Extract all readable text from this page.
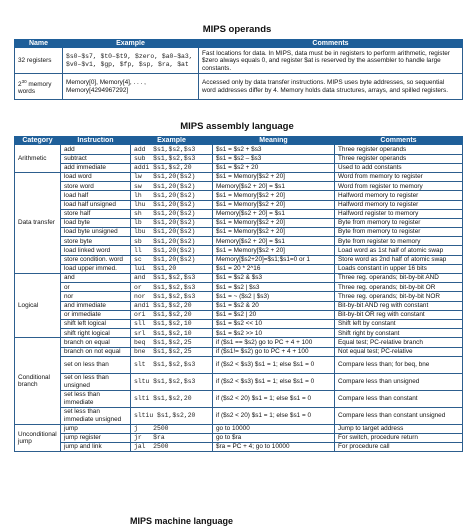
MIPS operands
Name	Example	Comments
32 registers	$s0–$s7, $t0–$t9, $zero, $a0–$a3, $v0–$v1, $gp, $fp, $sp, $ra, $at	Fast locations for data. In MIPS, data must be in registers to perform arithmetic, register $zero always equals 0, and register $at is reserved by the assembler to handle large constants.
$2^{30}$ memory words	Memory[0], Memory[4], . . . , Memory[4294967292]	Accessed only by data transfer instructions. MIPS uses byte addresses, so sequential word addresses differ by 4. Memory holds data structures, arrays, and spilled registers.
MIPS assembly language
Category	Instruction	Example	Meaning	Comments
Arithmetic	add	add  $s1,$s2,$s3	$s1 = $s2 + $s3	Three register operands
	subtract	sub  $s1,$s2,$s3	$s1 = $s2 – $s3	Three register operands
	add immediate	addi $s1,$s2,20	$s1 = $s2 + 20	Used to add constants
Data transfer	load word	lw   $s1,20($s2)	$s1 = Memory[$s2 + 20]	Word from memory to register
	store word	sw   $s1,20($s2)	Memory[$s2 + 20] = $s1	Word from register to memory
	load half	lh   $s1,20($s2)	$s1 = Memory[$s2 + 20]	Halfword memory to register
	load half unsigned	lhu  $s1,20($s2)	$s1 = Memory[$s2 + 20]	Halfword memory to register
	store half	sh   $s1,20($s2)	Memory[$s2 + 20] = $s1	Halfword register to memory
	load byte	lb   $s1,20($s2)	$s1 = Memory[$s2 + 20]	Byte from memory to register
	load byte unsigned	lbu  $s1,20($s2)	$s1 = Memory[$s2 + 20]	Byte from memory to register
	store byte	sb   $s1,20($s2)	Memory[$s2 + 20] = $s1	Byte from register to memory
	load linked word	ll   $s1,20($s2)	$s1 = Memory[$s2 + 20]	Load word as 1st half of atomic swap
	store condition. word	sc   $s1,20($s2)	Memory[$s2+20]=$s1;$s1=0 or 1	Store word as 2nd half of atomic swap
	load upper immed.	lui  $s1,20	$s1 = 20 * 2^16	Loads constant in upper 16 bits
Logical	and	and  $s1,$s2,$s3	$s1 = $s2 & $s3	Three reg. operands; bit-by-bit AND
	or	or   $s1,$s2,$s3	$s1 = $s2 | $s3	Three reg. operands; bit-by-bit OR
	nor	nor  $s1,$s2,$s3	$s1 = ~ ($s2 | $s3)	Three reg. operands; bit-by-bit NOR
	and immediate	andi $s1,$s2,20	$s1 = $s2 & 20	Bit-by-bit AND reg with constant
	or immediate	ori  $s1,$s2,20	$s1 = $s2 | 20	Bit-by-bit OR reg with constant
	shift left logical	sll  $s1,$s2,10	$s1 = $s2 << 10	Shift left by constant
	shift right logical	srl  $s1,$s2,10	$s1 = $s2 >> 10	Shift right by constant
Conditional branch	branch on equal	beq  $s1,$s2,25	if ($s1 == $s2) go to PC + 4 + 100	Equal test; PC-relative branch
	branch on not equal	bne  $s1,$s2,25	if ($s1!= $s2) go to PC + 4 + 100	Not equal test; PC-relative
	set on less than	slt  $s1,$s2,$s3	if ($s2 < $s3) $s1 = 1; else $s1 = 0	Compare less than; for beq, bne
	set on less than unsigned	sltu $s1,$s2,$s3	if ($s2 < $s3) $s1 = 1; else $s1 = 0	Compare less than unsigned
	set less than immediate	slti $s1,$s2,20	if ($s2 < 20) $s1 = 1; else $s1 = 0	Compare less than constant
	set less than immediate unsigned	sltiu $s1,$s2,20	if ($s2 < 20) $s1 = 1; else $s1 = 0	Compare less than constant unsigned
Unconditional jump	jump	j    2500	go to 10000	Jump to target address
	jump register	jr   $ra	go to $ra	For switch, procedure return
	jump and link	jal  2500	$ra = PC + 4; go to 10000	For procedure call
MIPS machine language
